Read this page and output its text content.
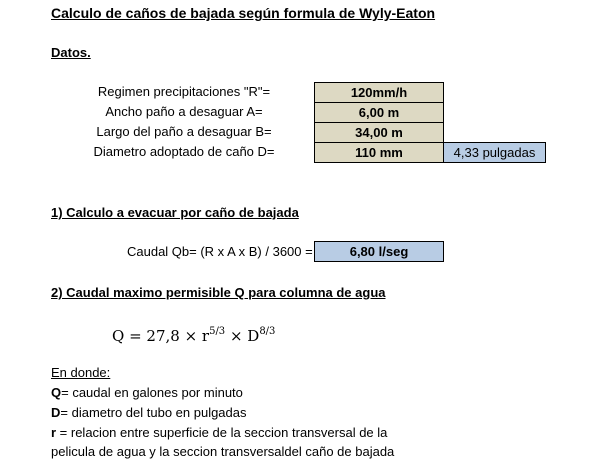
Calculo de caños de bajada según formula de Wyly-Eaton
Datos.
Regimen precipitaciones "R"=	120mm/h
Ancho paño a desaguar A=	6,00 m
Largo del paño a desaguar B=	34,00 m
Diametro adoptado de caño D=	110 mm	4,33 pulgadas
1) Calculo a evacuar por caño de bajada
Caudal Qb= (R x A x B) / 3600 =	6,80 l/seg
2) Caudal maximo permisible Q para columna de agua
$Q = 27,8 \times r^{5/3} \times D^{8/3}$
En donde:
Q= caudal en galones por minuto
D= diametro del tubo en pulgadas
r = relacion entre superficie de la seccion transversal de la
pelicula de agua y la seccion transversaldel caño de bajada
